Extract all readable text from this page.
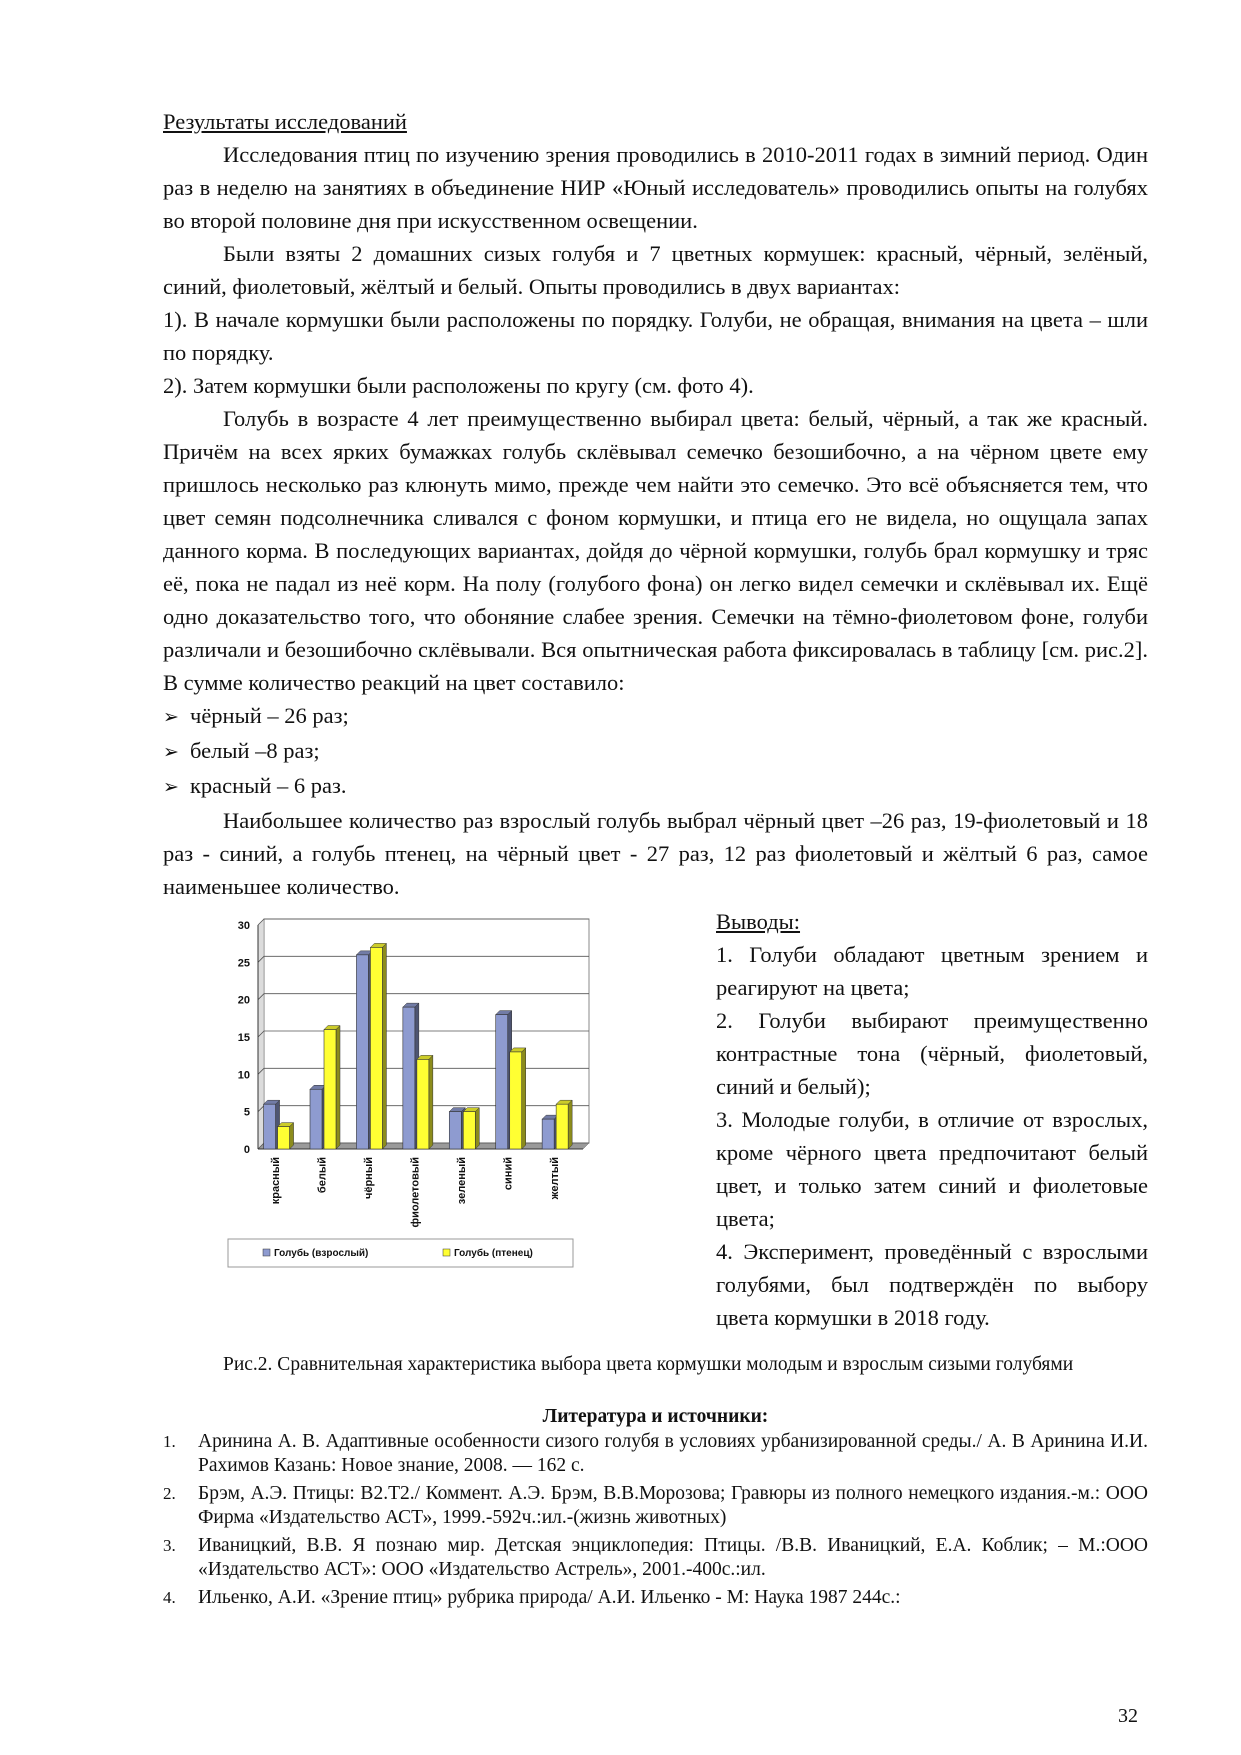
Результаты исследований

Исследования птиц по изучению зрения проводились в 2010-2011 годах в зимний период. Один раз в неделю на занятиях в объединение НИР «Юный исследователь» проводились опыты на голубях во второй половине дня при искусственном освещении.

Были взяты 2 домашних сизых голубя и 7 цветных кормушек: красный, чёрный, зелёный, синий, фиолетовый, жёлтый и белый. Опыты проводились в двух вариантах:

1). В начале кормушки были расположены по порядку. Голуби, не обращая, внимания на цвета – шли по порядку.

2). Затем кормушки были расположены по кругу (см. фото 4).

Голубь в возрасте 4 лет преимущественно выбирал цвета: белый, чёрный, а так же красный. Причём на всех ярких бумажках голубь склёвывал семечко безошибочно, а на чёрном цвете ему пришлось несколько раз клюнуть мимо, прежде чем найти это семечко. Это всё объясняется тем, что цвет семян подсолнечника сливался с фоном кормушки, и птица его не видела, но ощущала запах данного корма. В последующих вариантах, дойдя до чёрной кормушки, голубь брал кормушку и тряс её, пока не падал из неё корм. На полу (голубого фона) он легко видел семечки и склёвывал их. Ещё одно доказательство того, что обоняние слабее зрения. Семечки на тёмно-фиолетовом фоне, голуби различали и безошибочно склёвывали. Вся опытническая работа фиксировалась в таблицу [см. рис.2]. В сумме количество реакций на цвет составило:

➢ чёрный – 26 раз;

➢ белый –8 раз;

➢ красный – 6 раз.

Наибольшее количество раз взрослый голубь выбрал чёрный цвет –26 раз, 19-фиолетовый и 18 раз - синий, а голубь птенец, на чёрный цвет - 27 раз, 12 раз фиолетовый и жёлтый 6 раз, самое наименьшее количество.

0
5
10
15
20
25
30
красный	белый	чёрный	фиолетовый	зеленый	синий	желтый
Голубь (взрослый)	Голубь (птенец)
Выводы:
1. Голуби обладают цветным зрением и реагируют на цвета;
2. Голуби выбирают преимущественно контрастные тона (чёрный, фиолетовый, синий и белый);
3. Молодые голуби, в отличие от взрослых, кроме чёрного цвета предпочитают белый цвет, и только затем синий и фиолетовые цвета;
4. Эксперимент, проведённый с взрослыми голубями, был подтверждён по выбору цвета кормушки в 2018 году.
Рис.2. Сравнительная характеристика выбора цвета кормушки молодым и взрослым сизыми голубями
Литература и источники:
1.	Аринина А. В. Адаптивные особенности сизого голубя в условиях урбанизированной среды./ А. В Аринина И.И. Рахимов Казань: Новое знание, 2008. — 162 с.
2.	Брэм, А.Э. Птицы: В2.Т2./ Коммент. А.Э. Брэм, В.В.Морозова; Гравюры из полного немецкого издания.-м.: ООО Фирма «Издательство АСТ», 1999.-592ч.:ил.-(жизнь животных)
3.	Иваницкий, В.В. Я познаю мир. Детская энциклопедия: Птицы. /В.В. Иваницкий, Е.А. Коблик; – М.:ООО «Издательство АСТ»: ООО «Издательство Астрель», 2001.-400с.:ил.
4.	Ильенко, А.И. «Зрение птиц» рубрика природа/ А.И. Ильенко - М: Наука 1987 244с.:
32
